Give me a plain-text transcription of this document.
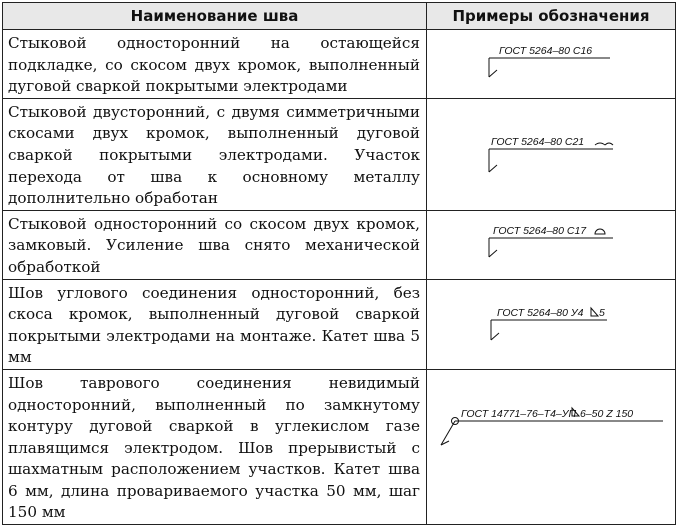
Наименование шва	Примеры обозначения
Стыковой односторонний на остающейся подкладке, со скосом двух кромок, выполненный дуговой сваркой покрытыми электродами	ГОСТ 5264–80 С16

Стыковой двусторонний, с двумя симметричными скосами двух кромок, выполненный дуговой сваркой покрытыми электродами. Участок перехода от шва к основному металлу дополнительно обработан	ГОСТ 5264–80 С21

Стыковой односторонний со скосом двух кромок, замковый. Усиление шва снято механической обработкой	ГОСТ 5264–80 С17

Шов углового соединения односторонний, без скоса кромок, выполненный дуговой сваркой покрытыми электродами на монтаже. Катет шва 5 мм	ГОСТ 5264–80 У4 5

Шов таврового соединения невидимый односторонний, выполненный по замкнутому контуру дуговой сваркой в углекислом газе плавящимся электродом. Шов прерывистый с шахматным расположением участков. Катет шва 6 мм, длина провариваемого участка 50 мм, шаг 150 мм	ГОСТ 14771–76–Т4–УП 6–50 Z 150
